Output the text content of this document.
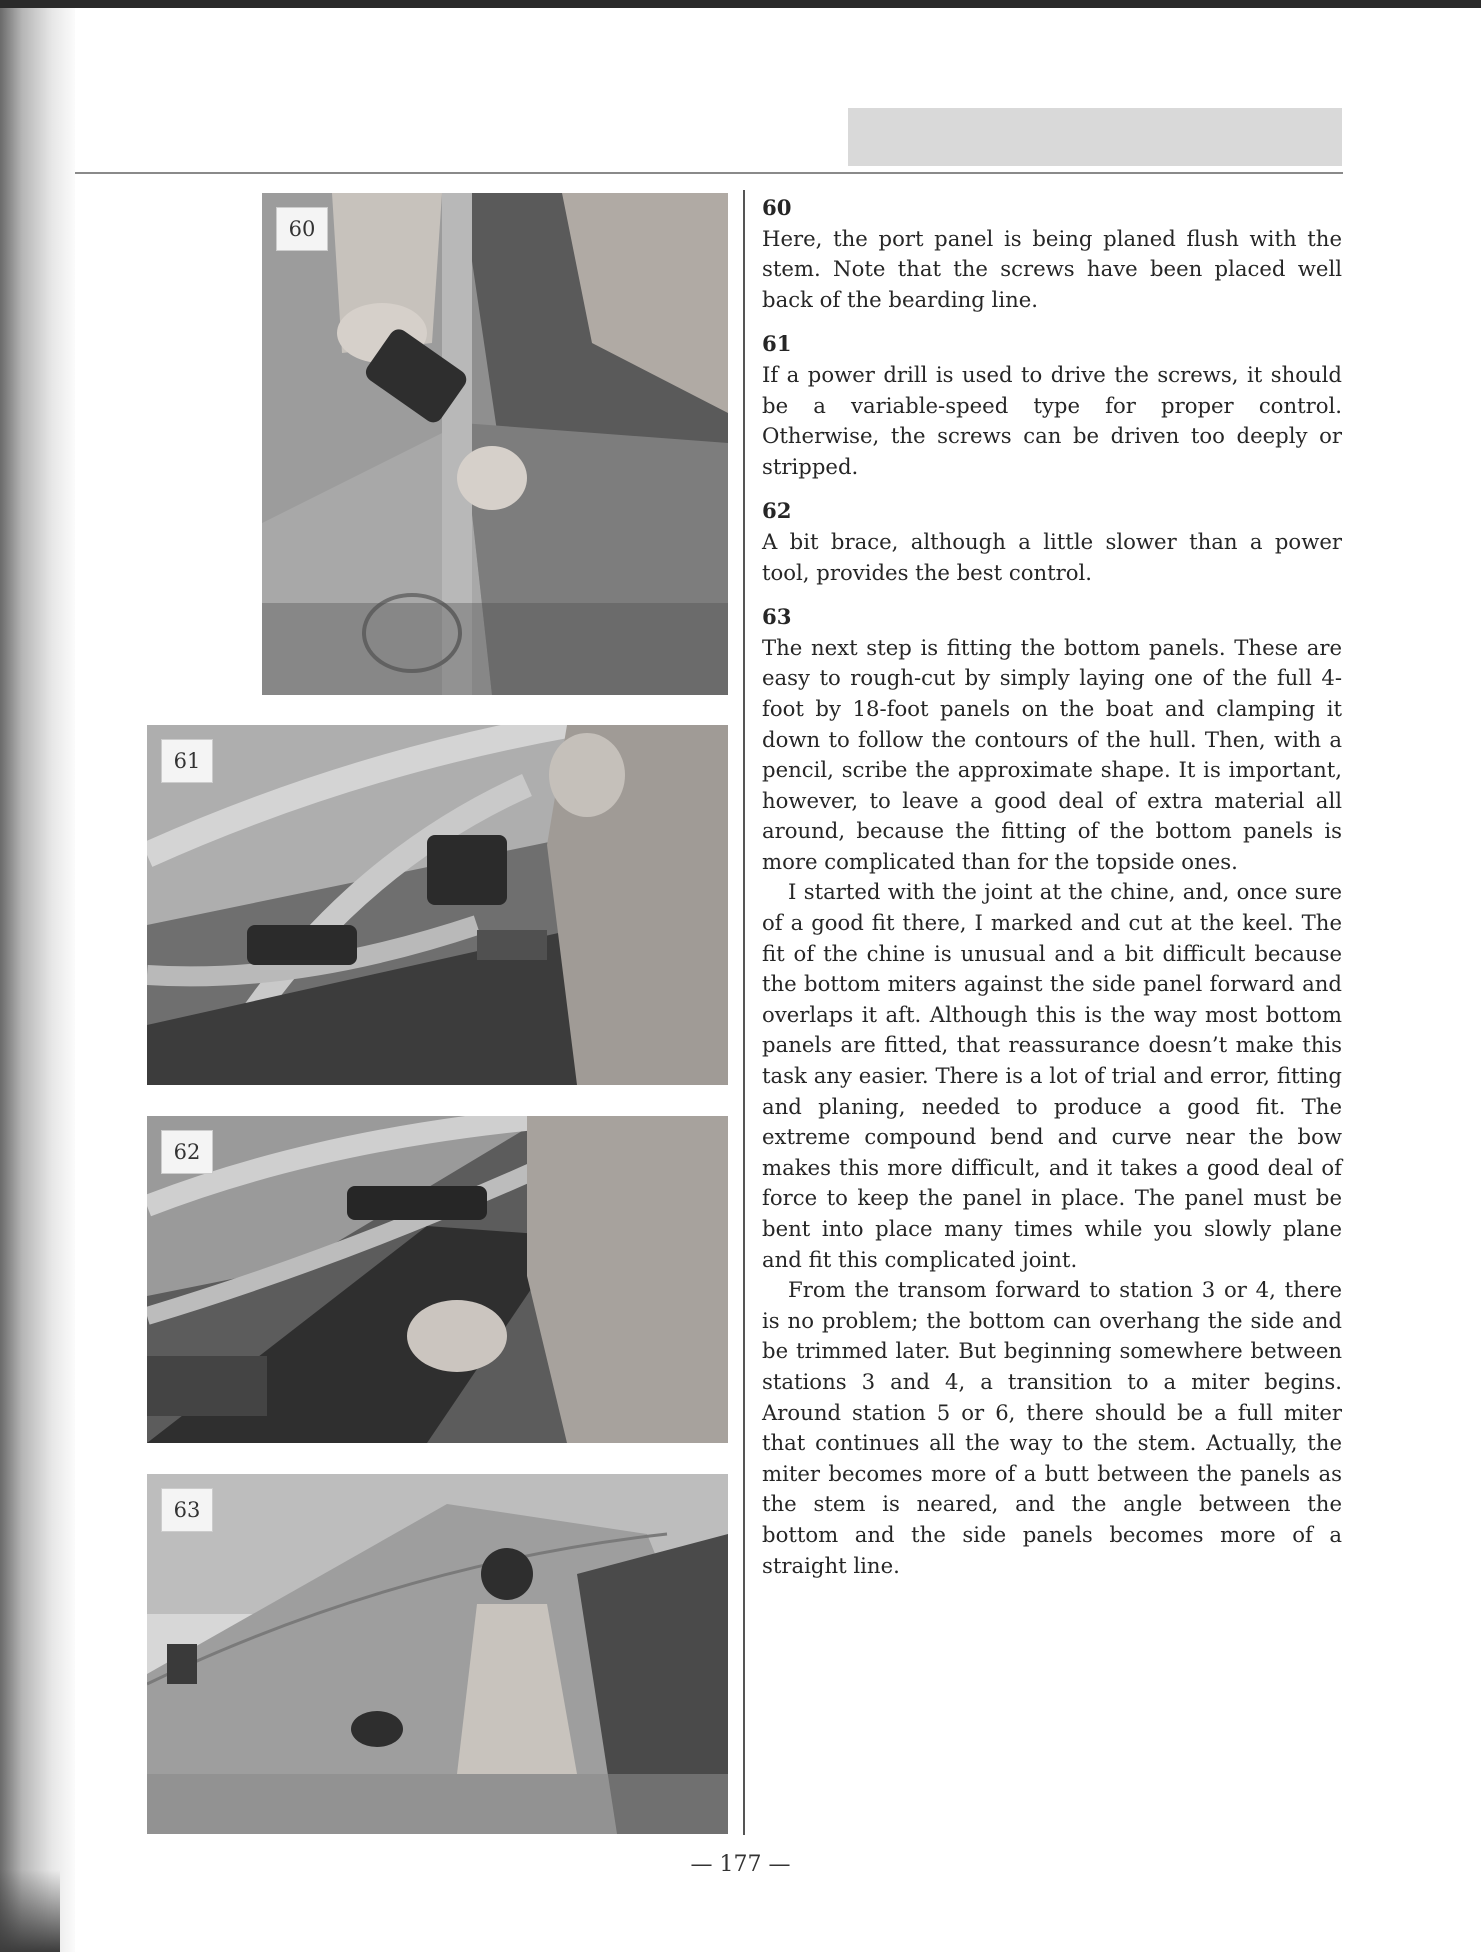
60
61
62
63

60

Here, the port panel is being planed flush with the stem. Note that the screws have been placed well back of the bearding line.

61

If a power drill is used to drive the screws, it should be a variable-speed type for proper control. Otherwise, the screws can be driven too deeply or stripped.

62

A bit brace, although a little slower than a power tool, provides the best control.

63

The next step is fitting the bottom panels. These are easy to rough-cut by simply laying one of the full 4-foot by 18-foot panels on the boat and clamping it down to follow the contours of the hull. Then, with a pencil, scribe the approximate shape. It is important, however, to leave a good deal of extra material all around, because the fitting of the bottom panels is more complicated than for the topside ones.

I started with the joint at the chine, and, once sure of a good fit there, I marked and cut at the keel. The fit of the chine is unusual and a bit difficult because the bottom miters against the side panel forward and overlaps it aft. Although this is the way most bottom panels are fitted, that reassurance doesn’t make this task any easier. There is a lot of trial and error, fitting and planing, needed to produce a good fit. The extreme compound bend and curve near the bow makes this more difficult, and it takes a good deal of force to keep the panel in place. The panel must be bent into place many times while you slowly plane and fit this complicated joint.

From the transom forward to station 3 or 4, there is no problem; the bottom can overhang the side and be trimmed later. But beginning somewhere between stations 3 and 4, a transition to a miter begins. Around station 5 or 6, there should be a full miter that continues all the way to the stem. Actually, the miter becomes more of a butt between the panels as the stem is neared, and the angle between the bottom and the side panels becomes more of a straight line.

— 177 —
